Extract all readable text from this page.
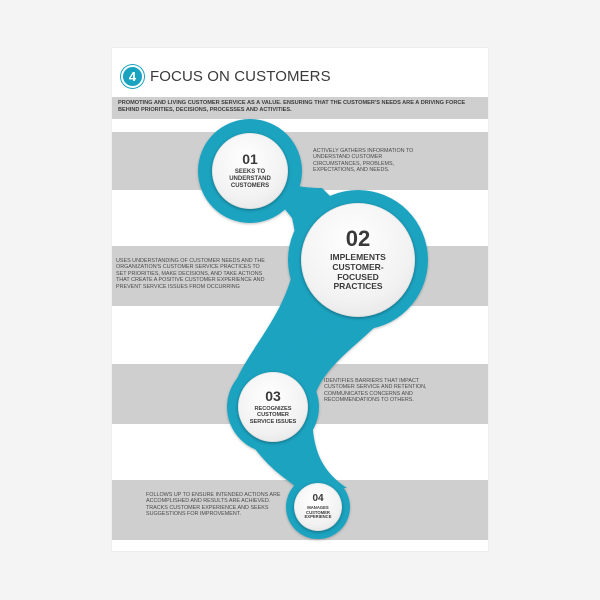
4 FOCUS ON CUSTOMERS
PROMOTING AND LIVING CUSTOMER SERVICE AS A VALUE. ENSURING THAT THE CUSTOMER'S NEEDS ARE A DRIVING FORCE BEHIND PRIORITIES, DECISIONS, PROCESSES AND ACTIVITIES.
01
SEEKS TO UNDERSTAND CUSTOMERS
02
IMPLEMENTS CUSTOMER-FOCUSED PRACTICES
03
RECOGNIZES CUSTOMER SERVICE ISSUES
04
MANAGES CUSTOMER EXPERIENCE
ACTIVELY GATHERS INFORMATION TO UNDERSTAND CUSTOMER CIRCUMSTANCES, PROBLEMS, EXPECTATIONS, AND NEEDS.
USES UNDERSTANDING OF CUSTOMER NEEDS AND THE ORGANIZATION'S CUSTOMER SERVICE PRACTICES TO SET PRIORITIES, MAKE DECISIONS, AND TAKE ACTIONS THAT CREATE A POSITIVE CUSTOMER EXPERIENCE AND PREVENT SERVICE ISSUES FROM OCCURRING
IDENTIFIES BARRIERS THAT IMPACT CUSTOMER SERVICE AND RETENTION, COMMUNICATES CONCERNS AND RECOMMENDATIONS TO OTHERS.
FOLLOWS UP TO ENSURE INTENDED ACTIONS ARE ACCOMPLISHED AND RESULTS ARE ACHIEVED. TRACKS CUSTOMER EXPERIENCE AND SEEKS SUGGESTIONS FOR IMPROVEMENT.
